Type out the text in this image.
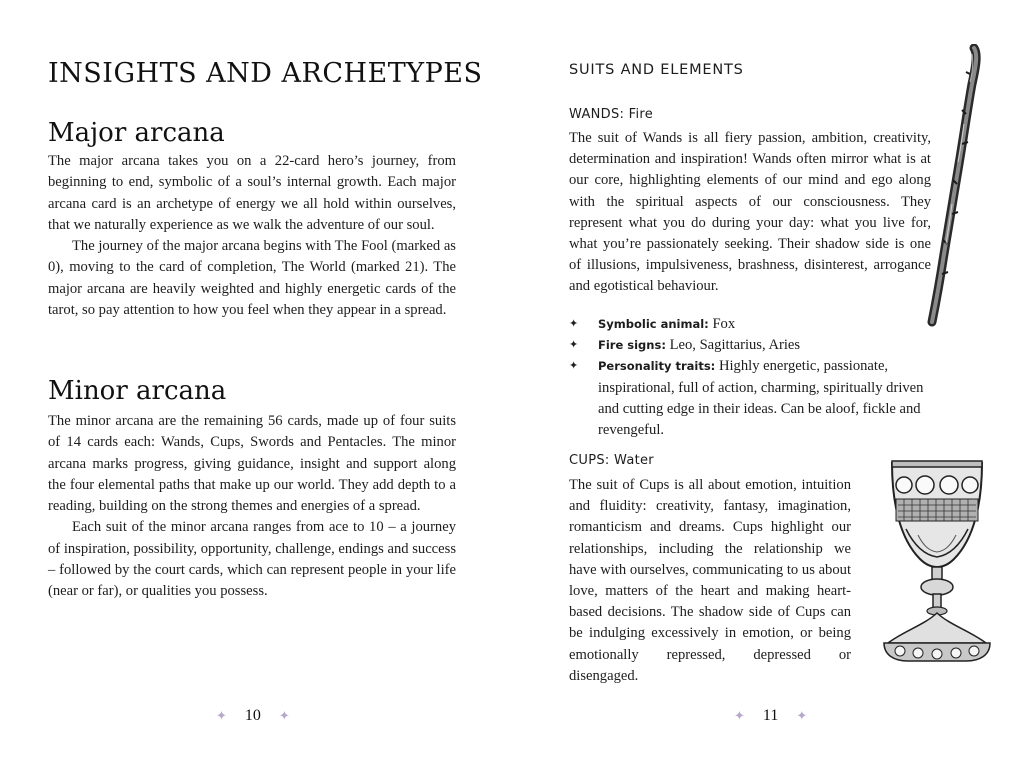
INSIGHTS AND ARCHETYPES
Major arcana

The major arcana takes you on a 22-card hero’s journey, from beginning to end, symbolic of a soul’s internal growth. Each major arcana card is an archetype of energy we all hold within ourselves, that we naturally experience as we walk the adventure of our soul.

The journey of the major arcana begins with The Fool (marked as 0), moving to the card of completion, The World (marked 21). The major arcana are heavily weighted and highly energetic cards of the tarot, so pay attention to how you feel when they appear in a spread.

Minor arcana

The minor arcana are the remaining 56 cards, made up of four suits of 14 cards each: Wands, Cups, Swords and Pentacles. The minor arcana marks progress, giving guidance, insight and support along the four elemental paths that make up our world. They add depth to a reading, building on the strong themes and energies of a spread.

Each suit of the minor arcana ranges from ace to 10 – a journey of inspiration, possibility, opportunity, challenge, endings and success – followed by the court cards, which can represent people in your life (near or far), or qualities you possess.

✦ 10 ✦
SUITS AND ELEMENTS
WANDS: Fire

The suit of Wands is all fiery passion, ambition, creativity, determination and inspiration! Wands often mirror what is at our core, highlighting elements of our mind and ego along with the spiritual aspects of our consciousness. They represent what you do during your day: what you live for, what you’re passionately seeking. Their shadow side is one of illusions, impulsiveness, brashness, disinterest, arrogance and egotistical behaviour.

✦ Symbolic animal: Fox
✦ Fire signs: Leo, Sagittarius, Aries
✦ Personality traits: Highly energetic, passionate, inspirational, full of action, charming, spiritually driven and cutting edge in their ideas. Can be aloof, fickle and revengeful.
CUPS: Water

The suit of Cups is all about emotion, intuition and fluidity: creativity, fantasy, imagination, romanticism and dreams. Cups highlight our relationships, including the relationship we have with ourselves, communicating to us about love, matters of the heart and making heart-based decisions. The shadow side of Cups can be indulging excessively in emotion, or being emotionally repressed, depressed or disengaged.

✦ 11 ✦
